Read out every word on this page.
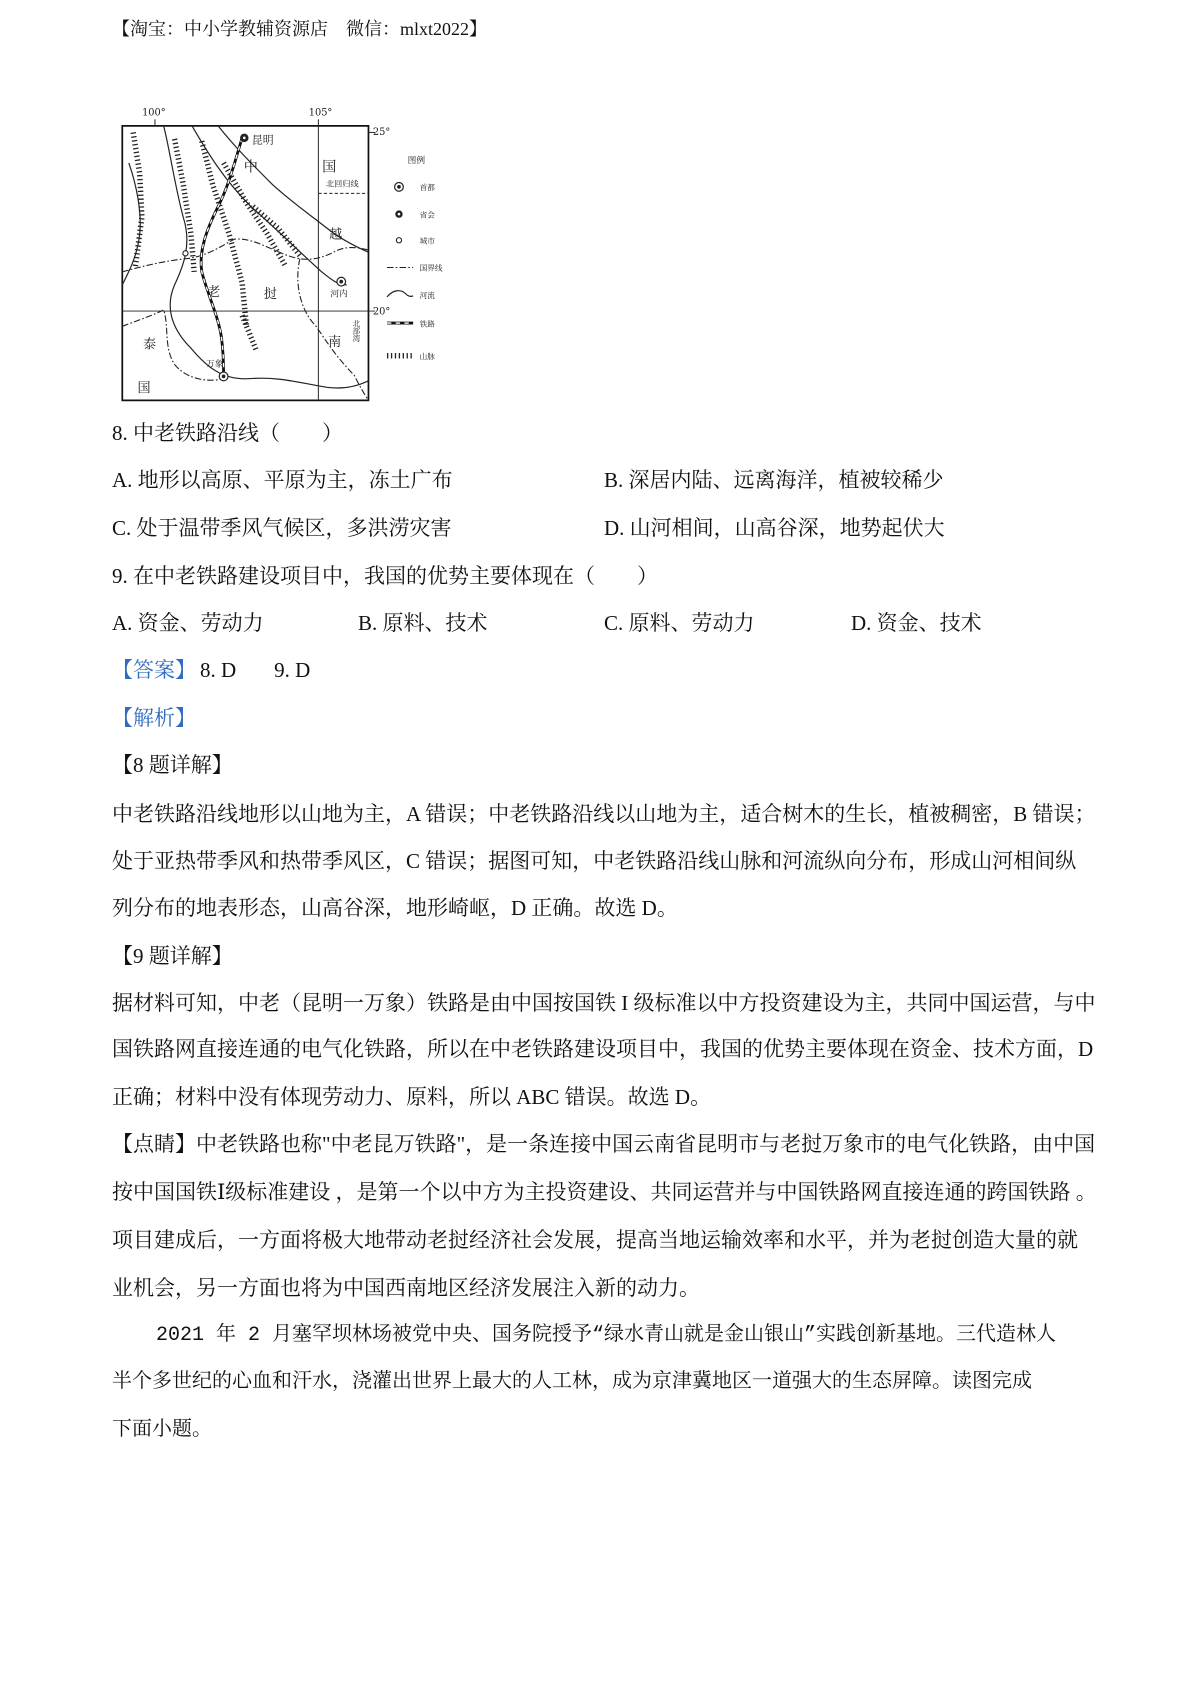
【淘宝：中小学教辅资源店　微信：mlxt2022】
100°	105°
25°
20°
昆明
中	国
北回归线
越
河内
南
北部湾
老	挝
泰
国
万象
图例
首都
省会
城市
国界线
河流
铁路
山脉
8. 中老铁路沿线（　　）
A. 地形以高原、平原为主，冻土广布	B. 深居内陆、远离海洋，植被较稀少
C. 处于温带季风气候区，多洪涝灾害	D. 山河相间，山高谷深，地势起伏大
9. 在中老铁路建设项目中，我国的优势主要体现在（　　）
A. 资金、劳动力	B. 原料、技术	C. 原料、劳动力	D. 资金、技术
【答案】 8. D 9. D
【解析】
【8 题详解】
中老铁路沿线地形以山地为主，A 错误；中老铁路沿线以山地为主，适合树木的生长，植被稠密，B 错误；
处于亚热带季风和热带季风区，C 错误；据图可知，中老铁路沿线山脉和河流纵向分布，形成山河相间纵
列分布的地表形态，山高谷深，地形崎岖，D 正确。故选 D。
【9 题详解】
据材料可知，中老（昆明一万象）铁路是由中国按国铁 I 级标准以中方投资建设为主，共同中国运营，与中
国铁路网直接连通的电气化铁路，所以在中老铁路建设项目中，我国的优势主要体现在资金、技术方面，D
正确；材料中没有体现劳动力、原料，所以 ABC 错误。故选 D。
【点睛】中老铁路也称"中老昆万铁路"，是一条连接中国云南省昆明市与老挝万象市的电气化铁路，由中国
按中国国铁Ⅰ级标准建设 ，是第一个以中方为主投资建设、共同运营并与中国铁路网直接连通的跨国铁路 。
项目建成后，一方面将极大地带动老挝经济社会发展，提高当地运输效率和水平，并为老挝创造大量的就
业机会，另一方面也将为中国西南地区经济发展注入新的动力。
2021 年 2 月塞罕坝林场被党中央、国务院授予“绿水青山就是金山银山”实践创新基地。三代造林人
半个多世纪的心血和汗水，浇灌出世界上最大的人工林，成为京津冀地区一道强大的生态屏障。读图完成
下面小题。
